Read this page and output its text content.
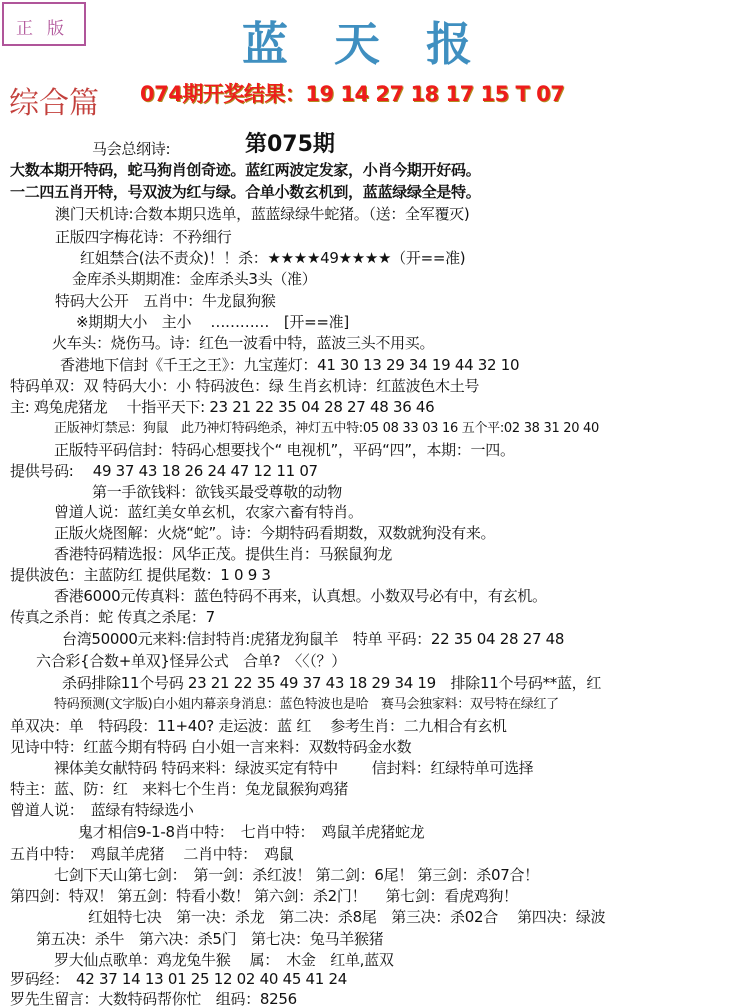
正版	蓝天报
综合篇 074期开奖结果：19 14 27 18 17 15 T 07
第075期
马会总纲诗:
大数本期开特码，蛇马狗肖创奇迹。蓝红两波定发家，小肖今期开好码。
一二四五肖开特，号双波为红与绿。合单小数玄机到，蓝蓝绿绿全是特。
澳门天机诗:合数本期只选单，蓝蓝绿绿牛蛇猪。（送：全军覆灭)
正版四字梅花诗：不矜细行
红姐禁合(法不责众)！！杀：★★★★49★★★★（开==准)
金库杀头期期准：金库杀头3头（准）
特码大公开　五肖中：牛龙鼠狗猴
※期期大小　主小　 …………　[开==准]
火车头：烧伤马。诗：红色一波看中特，蓝波三头不用买。
香港地下信封《千王之王》：九宝莲灯：41 30 13 29 34 19 44 32 10
特码单双：双 特码大小：小 特码波色：绿 生肖玄机诗：红蓝波色木土号
主: 鸡兔虎猪龙　 十指平天下: 23 21 22 35 04 28 27 48 36 46
正版神灯禁忌：狗鼠　此乃神灯特码绝杀，神灯五中特:05 08 33 03 16 五个平:02 38 31 20 40
正版特平码信封：特码心想要找个“ 电视机”，平码“四”，本期：一四。
提供号码:　 49 37 43 18 26 24 47 12 11 07
第一手欲钱料：欲钱买最受尊敬的动物
曾道人说：蓝红美女单玄机，农家六畜有特肖。
正版火烧图解：火烧“蛇”。诗：今期特码看期数，双数就狗没有来。
香港特码精选报：风华正茂。提供生肖：马猴鼠狗龙
提供波色：主蓝防红 提供尾数：1 0 9 3
香港6000元传真料：蓝色特码不再来，认真想。小数双号必有中，有玄机。
传真之杀肖：蛇 传真之杀尾：7
台湾50000元来料:信封特肖:虎猪龙狗鼠羊　特单 平码：22 35 04 28 27 48
六合彩{合数+单双}怪异公式　合单?　〈〈（？）
杀码排除11个号码 23 21 22 35 49 37 43 18 29 34 19　排除11个号码**蓝，红
特码预测(文字版)白小姐内幕亲身消息：蓝色特波也是哈　赛马会独家料：双号特在绿红了
单双决：单　特码段：11+40? 走运波：蓝 红　 参考生肖：二九相合有玄机
见诗中特：红蓝今期有特码 白小姐一言来料：双数特码金水数
裸体美女献特码 特码来料：绿波买定有特中　　 信封料：红绿特单可选择
特主：蓝、防：红　来料七个生肖：兔龙鼠猴狗鸡猪
曾道人说：　蓝绿有特绿选小
鬼才相信9-1-8肖中特：　七肖中特：　鸡鼠羊虎猪蛇龙
五肖中特：　鸡鼠羊虎猪　 二肖中特：　鸡鼠
七剑下天山第七剑：　第一剑：杀红波！ 第二剑：6尾！ 第三剑：杀07合！
第四剑：特双！ 第五剑：特看小数！ 第六剑：杀2门！　 第七剑：看虎鸡狗！
红姐特七决　第一决：杀龙　第二决：杀8尾　第三决：杀02合　 第四决：绿波
第五决：杀牛　第六决：杀5门　第七决：兔马羊猴猪
罗大仙点歌单：鸡龙兔牛猴　 属：　木金　红单,蓝双
罗码经：　42 37 14 13 01 25 12 02 40 45 41 24
罗先生留言：大数特码帮你忙　组码：8256
